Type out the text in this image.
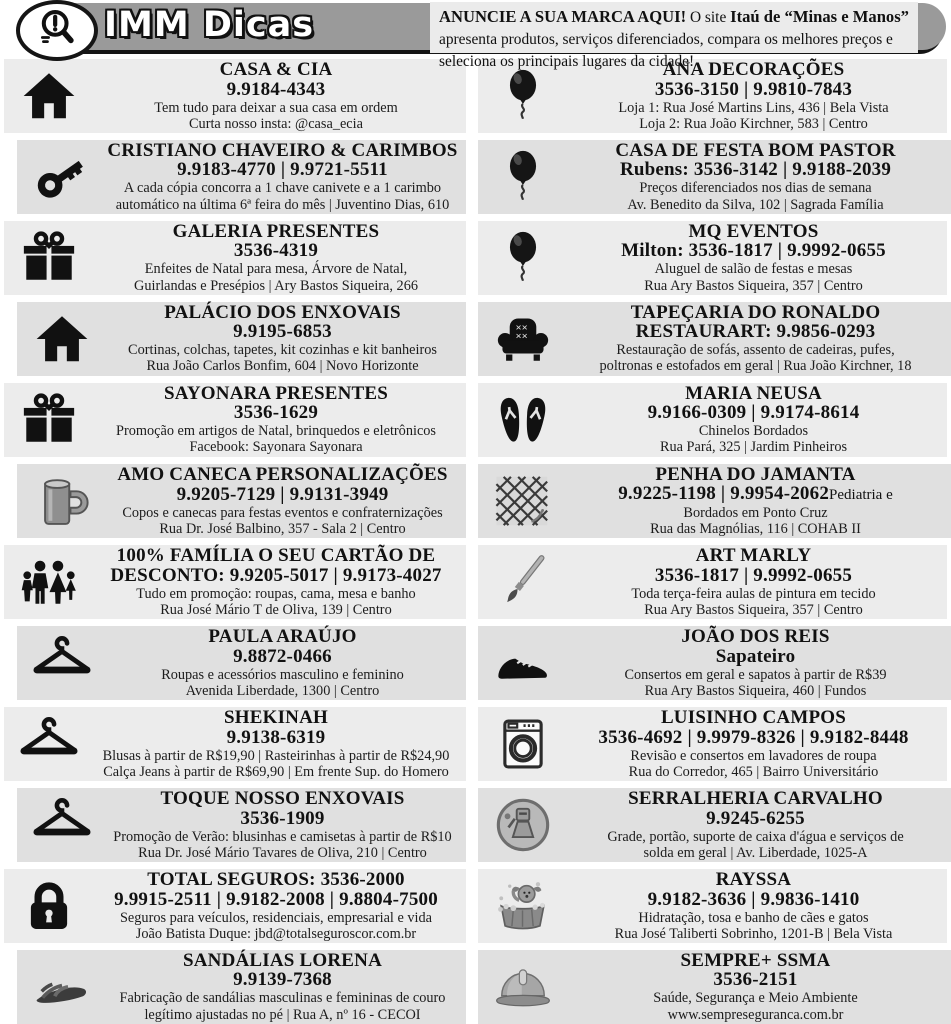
IMM Dicas	ANUNCIE A SUA MARCA AQUI! O site Itaú de “Minas e Manos” apresenta produtos, serviços diferenciados, compara os melhores preços e seleciona os principais lugares da cidade!
CASA & CIA
9.9184-4343
Tem tudo para deixar a sua casa em ordem
Curta nosso insta: @casa_ecia
ANA DECORAÇÕES
3536-3150 | 9.9810-7843
Loja 1: Rua José Martins Lins, 436 | Bela Vista
Loja 2: Rua João Kirchner, 583 | Centro
CRISTIANO CHAVEIRO & CARIMBOS
9.9183-4770 | 9.9721-5511
A cada cópia concorra a 1 chave canivete e a 1 carimbo
automático na última 6ª feira do mês | Juventino Dias, 610
CASA DE FESTA BOM PASTOR
Rubens: 3536-3142 | 9.9188-2039
Preços diferenciados nos dias de semana
Av. Benedito da Silva, 102 | Sagrada Família
GALERIA PRESENTES
3536-4319
Enfeites de Natal para mesa, Árvore de Natal,
Guirlandas e Presépios | Ary Bastos Siqueira, 266
MQ EVENTOS
Milton: 3536-1817 | 9.9992-0655
Aluguel de salão de festas e mesas
Rua Ary Bastos Siqueira, 357 | Centro
PALÁCIO DOS ENXOVAIS
9.9195-6853
Cortinas, colchas, tapetes, kit cozinhas e kit banheiros
Rua João Carlos Bonfim, 604 | Novo Horizonte
××
××
TAPEÇARIA DO RONALDO
RESTAURART: 9.9856-0293
Restauração de sofás, assento de cadeiras, pufes,
poltronas e estofados em geral | Rua João Kirchner, 18
SAYONARA PRESENTES
3536-1629
Promoção em artigos de Natal, brinquedos e eletrônicos
Facebook: Sayonara Sayonara
MARIA NEUSA
9.9166-0309 | 9.9174-8614
Chinelos Bordados
Rua Pará, 325 | Jardim Pinheiros
AMO CANECA PERSONALIZAÇÕES
9.9205-7129 | 9.9131-3949
Copos e canecas para festas eventos e confraternizações
Rua Dr. José Balbino, 357 - Sala 2 | Centro
PENHA DO JAMANTA
9.9225-1198 | 9.9954-2062Pediatria e
Bordados em Ponto Cruz
Rua das Magnólias, 116 | COHAB II
100% FAMÍLIA O SEU CARTÃO DE
DESCONTO: 9.9205-5017 | 9.9173-4027
Tudo em promoção: roupas, cama, mesa e banho
Rua José Mário T de Oliva, 139 | Centro
ART MARLY
3536-1817 | 9.9992-0655
Toda terça-feira aulas de pintura em tecido
Rua Ary Bastos Siqueira, 357 | Centro
PAULA ARAÚJO
9.8872-0466
Roupas e acessórios masculino e feminino
Avenida Liberdade, 1300 | Centro
JOÃO DOS REIS
Sapateiro
Consertos em geral e sapatos à partir de R$39
Rua Ary Bastos Siqueira, 460 | Fundos
SHEKINAH
9.9138-6319
Blusas à partir de R$19,90 | Rasteirinhas à partir de R$24,90
Calça Jeans à partir de R$69,90 | Em frente Sup. do Homero
LUISINHO CAMPOS
3536-4692 | 9.9979-8326 | 9.9182-8448
Revisão e consertos em lavadores de roupa
Rua do Corredor, 465 | Bairro Universitário
TOQUE NOSSO ENXOVAIS
3536-1909
Promoção de Verão: blusinhas e camisetas à partir de R$10
Rua Dr. José Mário Tavares de Oliva, 210 | Centro
SERRALHERIA CARVALHO
9.9245-6255
Grade, portão, suporte de caixa d'água e serviços de
solda em geral | Av. Liberdade, 1025-A
TOTAL SEGUROS: 3536-2000
9.9915-2511 | 9.9182-2008 | 9.8804-7500
Seguros para veículos, residenciais, empresarial e vida
João Batista Duque: jbd@totalseguroscor.com.br
RAYSSA
9.9182-3636 | 9.9836-1410
Hidratação, tosa e banho de cães e gatos
Rua José Taliberti Sobrinho, 1201-B | Bela Vista
SANDÁLIAS LORENA
9.9139-7368
Fabricação de sandálias masculinas e femininas de couro
legítimo ajustadas no pé | Rua A, nº 16 - CECOI
SEMPRE+ SSMA
3536-2151
Saúde, Segurança e Meio Ambiente
www.sempreseguranca.com.br
